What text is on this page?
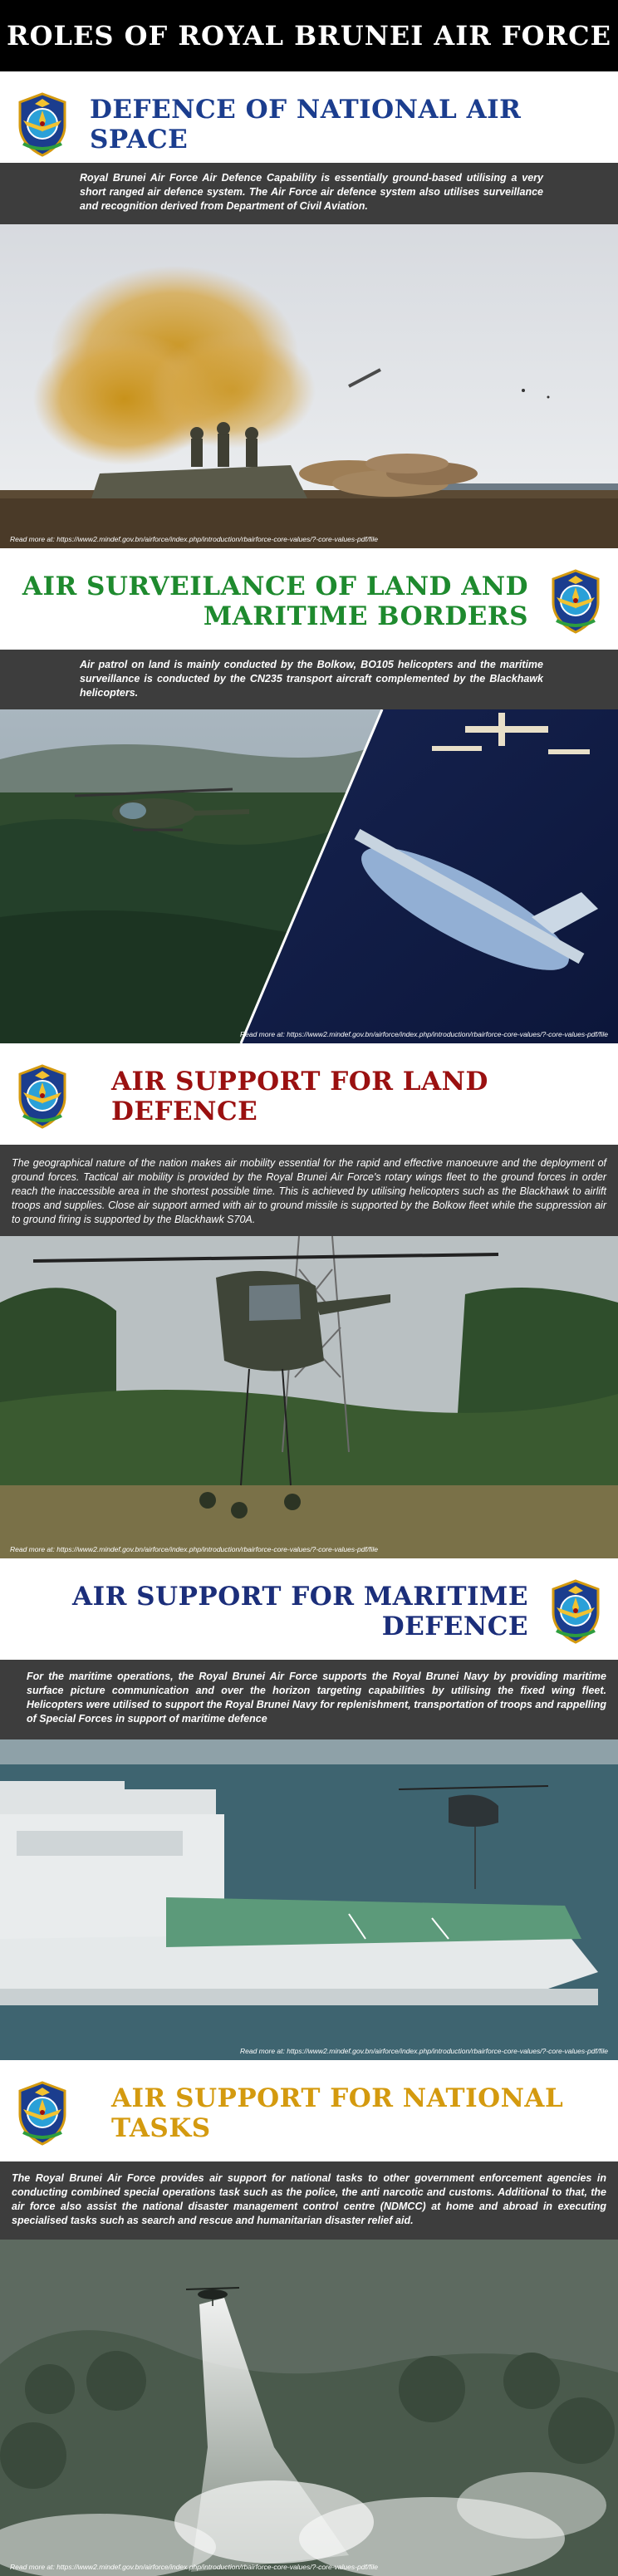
ROLES OF ROYAL BRUNEI AIR FORCE
DEFENCE OF NATIONAL AIR SPACE
Royal Brunei Air Force Air Defence Capability is essentially ground-based utilising a very short ranged air defence system. The Air Force air defence system also utilises surveillance and recognition derived from Department of Civil Aviation.
Read more at: https://www2.mindef.gov.bn/airforce/index.php/introduction/rbairforce-core-values/?-core-values-pdf/file
AIR SURVEILANCE OF LAND AND
MARITIME BORDERS
Air patrol on land is mainly conducted by the Bolkow, BO105 helicopters and the maritime surveillance is conducted by the CN235 transport aircraft complemented by the Blackhawk helicopters.
Read more at: https://www2.mindef.gov.bn/airforce/index.php/introduction/rbairforce-core-values/?-core-values-pdf/file
AIR SUPPORT FOR LAND DEFENCE
The geographical nature of the nation makes air mobility essential for the rapid and effective manoeuvre and the deployment of ground forces. Tactical air mobility is provided by the Royal Brunei Air Force's rotary wings fleet to the ground forces in order reach the inaccessible area in the shortest possible time. This is achieved by utilising helicopters such as the Blackhawk to airlift troops and supplies. Close air support armed with air to ground missile is supported by the Bolkow fleet while the suppression air to ground firing is supported by the Blackhawk S70A.
Read more at: https://www2.mindef.gov.bn/airforce/index.php/introduction/rbairforce-core-values/?-core-values-pdf/file
AIR SUPPORT FOR MARITIME DEFENCE
For the maritime operations, the Royal Brunei Air Force supports the Royal Brunei Navy by providing maritime surface picture communication and over the horizon targeting capabilities by utilising the fixed wing fleet. Helicopters were utilised to support the Royal Brunei Navy for replenishment, transportation of troops and rappelling of Special Forces in support of maritime defence
Read more at: https://www2.mindef.gov.bn/airforce/index.php/introduction/rbairforce-core-values/?-core-values-pdf/file
AIR SUPPORT FOR NATIONAL TASKS
The Royal Brunei Air Force provides air support for national tasks to other government enforcement agencies in conducting combined special operations task such as the police, the anti narcotic and customs. Additional to that, the air force also assist the national disaster management control centre (NDMCC) at home and abroad in executing specialised tasks such as search and rescue and humanitarian disaster relief aid.
Read more at: https://www2.mindef.gov.bn/airforce/index.php/introduction/rbairforce-core-values/?-core-values-pdf/file
